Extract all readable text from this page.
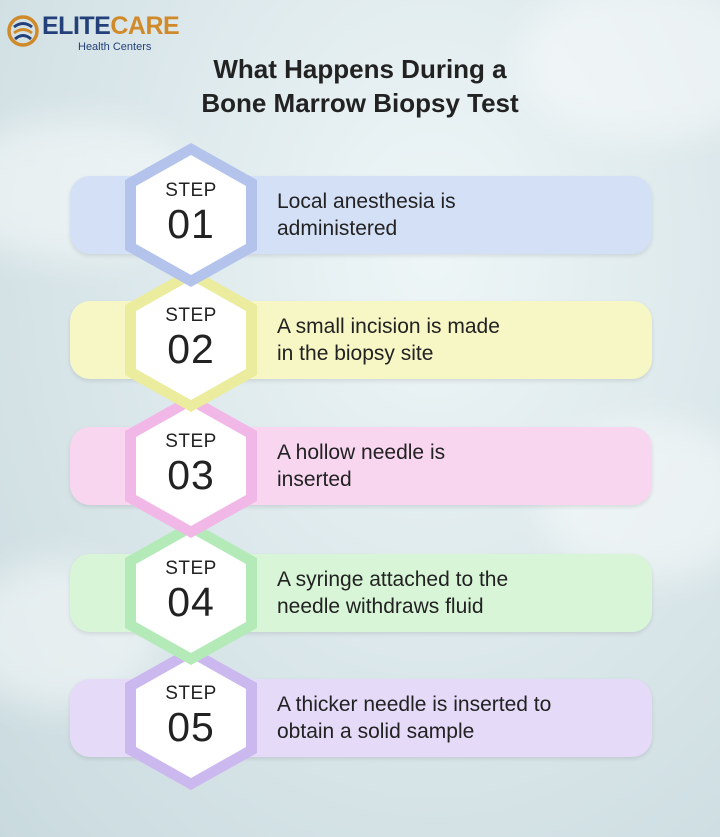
ELITECARE
Health Centers
What Happens During a
Bone Marrow Biopsy Test
STEP
05	A thicker needle is inserted to
obtain a solid sample
STEP
04	A syringe attached to the
needle withdraws fluid
STEP
03	A hollow needle is
inserted
STEP
02	A small incision is made
in the biopsy site
STEP
01	Local anesthesia is
administered
